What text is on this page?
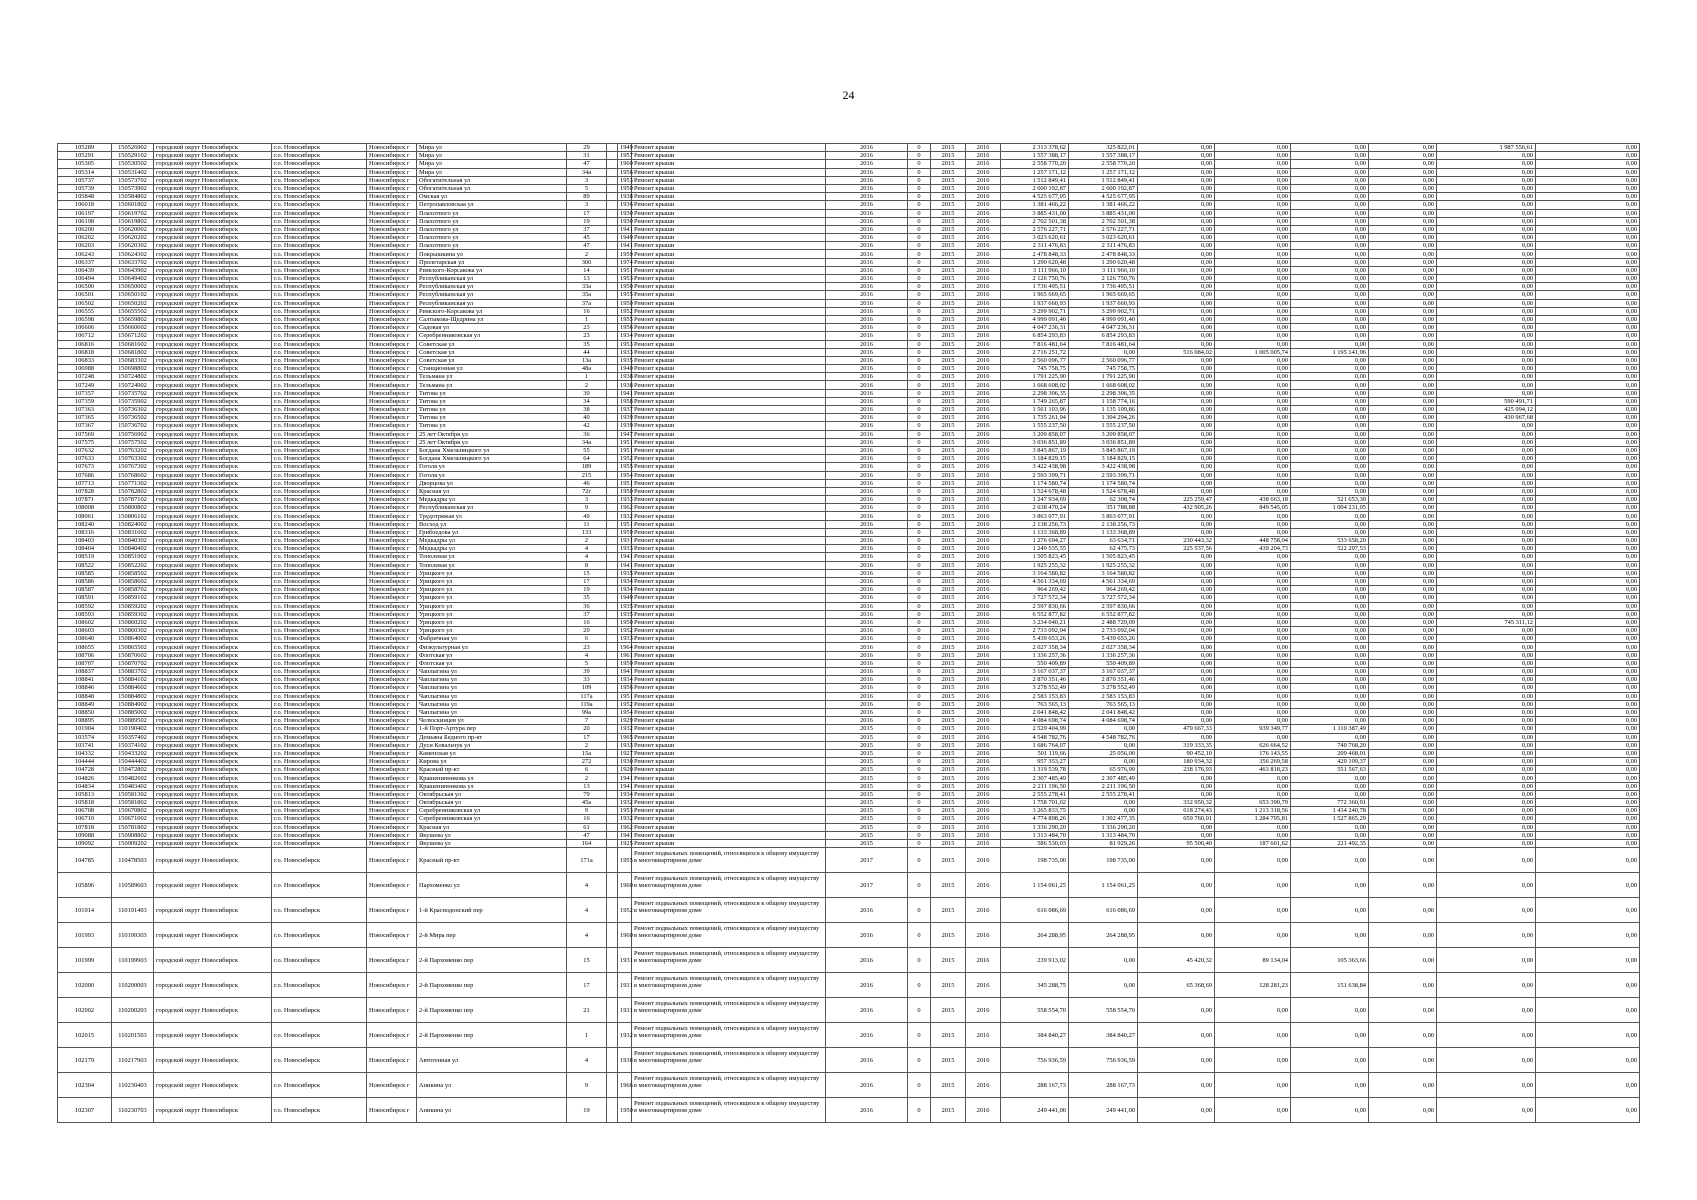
24
105289	150526902	городской округ Новосибирск	г.о. Новосибирск	Новосибирск г	Мира ул	29		1949	Ремонт крыши	2016	0	2015	2016	2 313 378,62	325 822,01	0,00	0,00	0,00	0,00	1 987 556,61	0,00
105291	150529102	городской округ Новосибирск	г.о. Новосибирск	Новосибирск г	Мира ул	31		1957	Ремонт крыши	2016	0	2015	2016	1 557 388,17	1 557 388,17	0,00	0,00	0,00	0,00	0,00	0,00
105305	150530502	городской округ Новосибирск	г.о. Новосибирск	Новосибирск г	Мира ул	47		1960	Ремонт крыши	2016	0	2015	2016	2 558 770,20	2 558 770,20	0,00	0,00	0,00	0,00	0,00	0,00
105314	150531402	городской округ Новосибирск	г.о. Новосибирск	Новосибирск г	Мира ул	34а		1956	Ремонт крыши	2016	0	2015	2016	1 257 171,12	1 257 171,12	0,00	0,00	0,00	0,00	0,00	0,00
105737	150573702	городской округ Новосибирск	г.о. Новосибирск	Новосибирск г	Обогатительная ул	3		1953	Ремонт крыши	2016	0	2015	2016	1 512 849,41	1 512 849,41	0,00	0,00	0,00	0,00	0,00	0,00
105739	150573902	городской округ Новосибирск	г.о. Новосибирск	Новосибирск г	Обогатительная ул	5		1950	Ремонт крыши	2016	0	2015	2016	2 600 192,87	2 600 192,87	0,00	0,00	0,00	0,00	0,00	0,00
105848	150584802	городской округ Новосибирск	г.о. Новосибирск	Новосибирск г	Омская ул	89		1938	Ремонт крыши	2016	0	2015	2016	4 525 677,95	4 525 677,95	0,00	0,00	0,00	0,00	0,00	0,00
106018	150601802	городской округ Новосибирск	г.о. Новосибирск	Новосибирск г	Петропавловская ул	3		1936	Ремонт крыши	2016	0	2015	2016	1 381 466,22	1 381 466,22	0,00	0,00	0,00	0,00	0,00	0,00
106197	150619702	городской округ Новосибирск	г.о. Новосибирск	Новосибирск г	Плахотного ул	17		1930	Ремонт крыши	2016	0	2015	2016	3 885 431,00	3 885 431,00	0,00	0,00	0,00	0,00	0,00	0,00
106198	150619802	городской округ Новосибирск	г.о. Новосибирск	Новосибирск г	Плахотного ул	19		1930	Ремонт крыши	2016	0	2015	2016	2 702 501,38	2 702 501,38	0,00	0,00	0,00	0,00	0,00	0,00
106200	150620002	городской округ Новосибирск	г.о. Новосибирск	Новосибирск г	Плахотного ул	37		1941	Ремонт крыши	2016	0	2015	2016	2 576 227,71	2 576 227,71	0,00	0,00	0,00	0,00	0,00	0,00
106202	150620202	городской округ Новосибирск	г.о. Новосибирск	Новосибирск г	Плахотного ул	45		1940	Ремонт крыши	2016	0	2015	2016	3 023 620,61	3 023 620,61	0,00	0,00	0,00	0,00	0,00	0,00
106203	150620302	городской округ Новосибирск	г.о. Новосибирск	Новосибирск г	Плахотного ул	47		1941	Ремонт крыши	2016	0	2015	2016	2 311 476,83	2 311 476,83	0,00	0,00	0,00	0,00	0,00	0,00
106243	150624302	городской округ Новосибирск	г.о. Новосибирск	Новосибирск г	Покрышкина ул	2		1959	Ремонт крыши	2016	0	2015	2016	2 478 848,33	2 478 848,33	0,00	0,00	0,00	0,00	0,00	0,00
106337	150633702	городской округ Новосибирск	г.о. Новосибирск	Новосибирск г	Пролетарская ул	306		1974	Ремонт крыши	2016	0	2015	2016	1 290 620,48	1 290 620,48	0,00	0,00	0,00	0,00	0,00	0,00
106439	150643902	городской округ Новосибирск	г.о. Новосибирск	Новосибирск г	Римского-Корсакова ул	14		1951	Ремонт крыши	2016	0	2015	2016	3 111 966,10	3 111 966,10	0,00	0,00	0,00	0,00	0,00	0,00
106494	150649402	городской округ Новосибирск	г.о. Новосибирск	Новосибирск г	Республиканская ул	13		1953	Ремонт крыши	2016	0	2015	2016	2 126 750,76	2 126 750,76	0,00	0,00	0,00	0,00	0,00	0,00
106500	150650002	городской округ Новосибирск	г.о. Новосибирск	Новосибирск г	Республиканская ул	33а		1950	Ремонт крыши	2016	0	2015	2016	1 736 495,51	1 736 495,51	0,00	0,00	0,00	0,00	0,00	0,00
106501	150650102	городской округ Новосибирск	г.о. Новосибирск	Новосибирск г	Республиканская ул	35а		1955	Ремонт крыши	2016	0	2015	2016	1 965 669,65	1 965 669,65	0,00	0,00	0,00	0,00	0,00	0,00
106502	150650202	городской округ Новосибирск	г.о. Новосибирск	Новосибирск г	Республиканская ул	37а		1950	Ремонт крыши	2016	0	2015	2016	1 937 660,93	1 937 660,93	0,00	0,00	0,00	0,00	0,00	0,00
106555	150655502	городской округ Новосибирск	г.о. Новосибирск	Новосибирск г	Римского-Корсакова ул	16		1952	Ремонт крыши	2016	0	2015	2016	3 299 902,71	3 299 902,71	0,00	0,00	0,00	0,00	0,00	0,00
106598	150659802	городской округ Новосибирск	г.о. Новосибирск	Новосибирск г	Салтыкова-Щедрина ул	1		1955	Ремонт крыши	2016	0	2015	2016	4 999 091,40	4 999 091,40	0,00	0,00	0,00	0,00	0,00	0,00
106606	150660602	городской округ Новосибирск	г.о. Новосибирск	Новосибирск г	Садовая ул	23		1956	Ремонт крыши	2016	0	2015	2016	4 047 236,31	4 047 236,31	0,00	0,00	0,00	0,00	0,00	0,00
106712	150671202	городской округ Новосибирск	г.о. Новосибирск	Новосибирск г	Серебренниковская ул	23		1934	Ремонт крыши	2016	0	2015	2016	6 854 293,83	6 854 293,83	0,00	0,00	0,00	0,00	0,00	0,00
106816	150681602	городской округ Новосибирск	г.о. Новосибирск	Новосибирск г	Советская ул	35		1953	Ремонт крыши	2016	0	2015	2016	7 816 481,64	7 816 481,64	0,00	0,00	0,00	0,00	0,00	0,00
106818	150681802	городской округ Новосибирск	г.о. Новосибирск	Новосибирск г	Советская ул	44		1933	Ремонт крыши	2016	0	2015	2016	2 716 251,72	0,00	516 084,02	1 005 005,74	1 195 141,96	0,00	0,00	0,00
106833	150683302	городской округ Новосибирск	г.о. Новосибирск	Новосибирск г	Советская ул	13а		1935	Ремонт крыши	2016	0	2015	2016	2 560 096,77	2 560 096,77	0,00	0,00	0,00	0,00	0,00	0,00
106988	150698802	городской округ Новосибирск	г.о. Новосибирск	Новосибирск г	Станционная ул	48а		1940	Ремонт крыши	2016	0	2015	2016	745 758,75	745 758,75	0,00	0,00	0,00	0,00	0,00	0,00
107248	150724802	городской округ Новосибирск	г.о. Новосибирск	Новосибирск г	Тельмана ул	1		1938	Ремонт крыши	2016	0	2015	2016	1 791 225,90	1 791 225,90	0,00	0,00	0,00	0,00	0,00	0,00
107249	150724902	городской округ Новосибирск	г.о. Новосибирск	Новосибирск г	Тельмана ул	2		1938	Ремонт крыши	2016	0	2015	2016	1 668 608,02	1 668 608,02	0,00	0,00	0,00	0,00	0,00	0,00
107357	150735702	городской округ Новосибирск	г.о. Новосибирск	Новосибирск г	Титова ул	30		1941	Ремонт крыши	2016	0	2015	2016	2 298 306,35	2 298 306,35	0,00	0,00	0,00	0,00	0,00	0,00
107359	150735902	городской округ Новосибирск	г.о. Новосибирск	Новосибирск г	Титова ул	34		1958	Ремонт крыши	2016	0	2015	2016	1 749 265,87	1 158 774,16	0,00	0,00	0,00	0,00	590 491,71	0,00
107363	150736302	городской округ Новосибирск	г.о. Новосибирск	Новосибирск г	Титова ул	38		1937	Ремонт крыши	2016	0	2015	2016	1 561 103,96	1 135 109,86	0,00	0,00	0,00	0,00	425 994,12	0,00
107365	150736502	городской округ Новосибирск	г.о. Новосибирск	Новосибирск г	Титова ул	40		1939	Ремонт крыши	2016	0	2015	2016	1 735 261,94	1 304 294,26	0,00	0,00	0,00	0,00	430 967,68	0,00
107367	150736702	городской округ Новосибирск	г.о. Новосибирск	Новосибирск г	Титова ул	42		1939	Ремонт крыши	2016	0	2015	2016	1 555 237,50	1 555 237,50	0,00	0,00	0,00	0,00	0,00	0,00
107569	150756902	городской округ Новосибирск	г.о. Новосибирск	Новосибирск г	25 лет Октября ул	36		1947	Ремонт крыши	2016	0	2015	2016	3 209 858,07	3 209 858,07	0,00	0,00	0,00	0,00	0,00	0,00
107575	150757502	городской округ Новосибирск	г.о. Новосибирск	Новосибирск г	25 лет Октября ул	34а		1951	Ремонт крыши	2016	0	2015	2016	3 036 851,89	3 036 851,89	0,00	0,00	0,00	0,00	0,00	0,00
107632	150763202	городской округ Новосибирск	г.о. Новосибирск	Новосибирск г	Богдана Хмельницкого ул	55		1951	Ремонт крыши	2016	0	2015	2016	3 845 867,19	3 845 867,19	0,00	0,00	0,00	0,00	0,00	0,00
107633	150763302	городской округ Новосибирск	г.о. Новосибирск	Новосибирск г	Богдана Хмельницкого ул	64		1952	Ремонт крыши	2016	0	2015	2016	3 184 829,15	3 184 829,15	0,00	0,00	0,00	0,00	0,00	0,00
107673	150767302	городской округ Новосибирск	г.о. Новосибирск	Новосибирск г	Гоголя ул	189		1955	Ремонт крыши	2016	0	2015	2016	3 422 438,98	3 422 438,98	0,00	0,00	0,00	0,00	0,00	0,00
107686	150768602	городской округ Новосибирск	г.о. Новосибирск	Новосибирск г	Гоголя ул	215		1954	Ремонт крыши	2016	0	2015	2016	2 593 399,71	2 593 399,71	0,00	0,00	0,00	0,00	0,00	0,00
107713	150771302	городской округ Новосибирск	г.о. Новосибирск	Новосибирск г	Дворцова ул	46		1951	Ремонт крыши	2016	0	2015	2016	1 174 580,74	1 174 580,74	0,00	0,00	0,00	0,00	0,00	0,00
107828	150782802	городской округ Новосибирск	г.о. Новосибирск	Новосибирск г	Красная ул	72г		1950	Ремонт крыши	2016	0	2015	2016	1 524 678,48	1 524 678,48	0,00	0,00	0,00	0,00	0,00	0,00
107871	150787102	городской округ Новосибирск	г.о. Новосибирск	Новосибирск г	Медкадры ул	3		1933	Ремонт крыши	2016	0	2015	2016	1 247 934,69	62 308,74	225 259,47	438 663,18	521 653,30	0,00	0,00	0,00
108008	150800802	городской округ Новосибирск	г.о. Новосибирск	Новосибирск г	Республиканская ул	9		1962	Ремонт крыши	2016	0	2015	2016	2 638 470,24	351 788,88	432 905,26	849 545,05	1 004 231,05	0,00	0,00	0,00
108061	150806102	городской округ Новосибирск	г.о. Новосибирск	Новосибирск г	Трудотряжая ул	49		1932	Ремонт крыши	2016	0	2015	2016	3 863 077,91	3 863 077,91	0,00	0,00	0,00	0,00	0,00	0,00
108240	150824002	городской округ Новосибирск	г.о. Новосибирск	Новосибирск г	Восход ул	11		1951	Ремонт крыши	2016	0	2015	2016	2 138 256,73	2 138 256,73	0,00	0,00	0,00	0,00	0,00	0,00
108316	150831602	городской округ Новосибирск	г.о. Новосибирск	Новосибирск г	Грибоедова ул	133		1959	Ремонт крыши	2016	0	2015	2016	1 133 368,89	1 133 368,89	0,00	0,00	0,00	0,00	0,00	0,00
108403	150840302	городской округ Новосибирск	г.о. Новосибирск	Новосибирск г	Медкадры ул	2		1931	Ремонт крыши	2016	0	2015	2016	1 276 694,27	63 634,71	230 443,32	448 758,04	533 658,20	0,00	0,00	0,00
108404	150840402	городской округ Новосибирск	г.о. Новосибирск	Новосибирск г	Медкадры ул	4		1933	Ремонт крыши	2016	0	2015	2016	1 249 535,55	62 475,73	225 537,56	439 204,73	522 297,53	0,00	0,00	0,00
108519	150851902	городской округ Новосибирск	г.о. Новосибирск	Новосибирск г	Тополевая ул	4		1941	Ремонт крыши	2016	0	2015	2016	1 505 823,45	1 505 823,45	0,00	0,00	0,00	0,00	0,00	0,00
108522	150852202	городской округ Новосибирск	г.о. Новосибирск	Новосибирск г	Тополевая ул	8		1941	Ремонт крыши	2016	0	2015	2016	1 925 255,32	1 925 255,32	0,00	0,00	0,00	0,00	0,00	0,00
108585	150858502	городской округ Новосибирск	г.о. Новосибирск	Новосибирск г	Урицкого ул	15		1935	Ремонт крыши	2016	0	2015	2016	3 164 580,82	3 164 580,82	0,00	0,00	0,00	0,00	0,00	0,00
108586	150858602	городской округ Новосибирск	г.о. Новосибирск	Новосибирск г	Урицкого ул	17		1934	Ремонт крыши	2016	0	2015	2016	4 561 334,69	4 561 334,69	0,00	0,00	0,00	0,00	0,00	0,00
108587	150858702	городской округ Новосибирск	г.о. Новосибирск	Новосибирск г	Урицкого ул	19		1934	Ремонт крыши	2016	0	2015	2016	964 269,42	964 269,42	0,00	0,00	0,00	0,00	0,00	0,00
108591	150859102	городской округ Новосибирск	г.о. Новосибирск	Новосибирск г	Урицкого ул	35		1940	Ремонт крыши	2016	0	2015	2016	3 727 572,34	3 727 572,34	0,00	0,00	0,00	0,00	0,00	0,00
108592	150859202	городской округ Новосибирск	г.о. Новосибирск	Новосибирск г	Урицкого ул	36		1935	Ремонт крыши	2016	0	2015	2016	2 597 830,66	2 597 830,66	0,00	0,00	0,00	0,00	0,00	0,00
108593	150859302	городской округ Новосибирск	г.о. Новосибирск	Новосибирск г	Урицкого ул	37		1935	Ремонт крыши	2016	0	2015	2016	6 552 877,82	6 552 877,82	0,00	0,00	0,00	0,00	0,00	0,00
108602	150860202	городской округ Новосибирск	г.о. Новосибирск	Новосибирск г	Урицкого ул	16		1950	Ремонт крыши	2016	0	2015	2016	3 234 040,21	2 488 729,09	0,00	0,00	0,00	0,00	745 311,12	0,00
108603	150860302	городской округ Новосибирск	г.о. Новосибирск	Новосибирск г	Урицкого ул	20		1952	Ремонт крыши	2016	0	2015	2016	2 733 092,04	2 733 092,04	0,00	0,00	0,00	0,00	0,00	0,00
108640	150864002	городской округ Новосибирск	г.о. Новосибирск	Новосибирск г	Фабричная ул	6		1933	Ремонт крыши	2016	0	2015	2016	5 439 653,26	5 439 653,26	0,00	0,00	0,00	0,00	0,00	0,00
108655	150865502	городской округ Новосибирск	г.о. Новосибирск	Новосибирск г	Физкультурная ул	23		1964	Ремонт крыши	2016	0	2015	2016	2 027 358,34	2 027 358,34	0,00	0,00	0,00	0,00	0,00	0,00
108706	150870602	городской округ Новосибирск	г.о. Новосибирск	Новосибирск г	Флотская ул	4		1961	Ремонт крыши	2016	0	2015	2016	1 336 257,36	1 336 257,36	0,00	0,00	0,00	0,00	0,00	0,00
108707	150870702	городской округ Новосибирск	г.о. Новосибирск	Новосибирск г	Флотская ул	5		1950	Ремонт крыши	2016	0	2015	2016	550 409,89	550 409,89	0,00	0,00	0,00	0,00	0,00	0,00
108837	150883702	городской округ Новосибирск	г.о. Новосибирск	Новосибирск г	Чаплыгина ул	39		1941	Ремонт крыши	2016	0	2015	2016	3 167 037,37	3 167 037,37	0,00	0,00	0,00	0,00	0,00	0,00
108841	150884102	городской округ Новосибирск	г.о. Новосибирск	Новосибирск г	Чаплыгина ул	33		1934	Ремонт крыши	2016	0	2015	2016	2 870 351,46	2 870 351,46	0,00	0,00	0,00	0,00	0,00	0,00
108846	150884602	городской округ Новосибирск	г.о. Новосибирск	Новосибирск г	Чаплыгина ул	109		1956	Ремонт крыши	2016	0	2015	2016	3 278 552,49	3 278 552,49	0,00	0,00	0,00	0,00	0,00	0,00
108848	150884802	городской округ Новосибирск	г.о. Новосибирск	Новосибирск г	Чаплыгина ул	117а		1951	Ремонт крыши	2016	0	2015	2016	2 583 153,83	2 583 153,83	0,00	0,00	0,00	0,00	0,00	0,00
108849	150884902	городской округ Новосибирск	г.о. Новосибирск	Новосибирск г	Чаплыгина ул	119а		1952	Ремонт крыши	2016	0	2015	2016	763 565,13	763 565,13	0,00	0,00	0,00	0,00	0,00	0,00
108850	150885002	городской округ Новосибирск	г.о. Новосибирск	Новосибирск г	Чаплыгина ул	99а		1954	Ремонт крыши	2016	0	2015	2016	2 041 848,42	2 041 848,42	0,00	0,00	0,00	0,00	0,00	0,00
108895	150889502	городской округ Новосибирск	г.о. Новосибирск	Новосибирск г	Челюскинцев ул	7		1929	Ремонт крыши	2016	0	2015	2016	4 084 698,74	4 084 698,74	0,00	0,00	0,00	0,00	0,00	0,00
101904	110190402	городской округ Новосибирск	г.о. Новосибирск	Новосибирск г	1-й Порт-Артура пер	20		1932	Ремонт крыши	2015	0	2015	2016	2 529 404,99	0,00	479 667,33	939 349,77	1 110 387,49	0,00	0,00	0,00
103574	150357402	городской округ Новосибирск	г.о. Новосибирск	Новосибирск г	Демьяна Бедного пр-кт	17		1965	Ремонт крыши	2015	0	2015	2016	4 548 782,76	4 548 782,76	0,00	0,00	0,00	0,00	0,00	0,00
103741	150374102	городской округ Новосибирск	г.о. Новосибирск	Новосибирск г	Дуси Ковальчук ул	2		1933	Ремонт крыши	2015	0	2015	2016	1 686 764,07	0,00	319 333,35	626 664,52	740 768,20	0,00	0,00	0,00
104332	150433202	городской округ Новосибирск	г.о. Новосибирск	Новосибирск г	Каменская ул	15а		1927	Ремонт крыши	2015	0	2015	2016	501 119,66	25 056,00	90 452,10	176 143,55	209 468,01	0,00	0,00	0,00
104444	150444402	городской округ Новосибирск	г.о. Новосибирск	Новосибирск г	Кирова ул	272		1930	Ремонт крыши	2015	0	2015	2016	957 353,27	0,00	180 934,32	356 269,58	420 109,37	0,00	0,00	0,00
104728	150472802	городской округ Новосибирск	г.о. Новосибирск	Новосибирск г	Красный пр-кт	6		1920	Ремонт крыши	2015	0	2015	2016	1 319 539,78	65 976,99	238 176,93	463 818,23	551 567,63	0,00	0,00	0,00
104826	150482602	городской округ Новосибирск	г.о. Новосибирск	Новосибирск г	Крашенинникова ул	2		1941	Ремонт крыши	2015	0	2015	2016	2 307 485,49	2 307 485,49	0,00	0,00	0,00	0,00	0,00	0,00
104834	150483402	городской округ Новосибирск	г.о. Новосибирск	Новосибирск г	Крашенинникова ул	13		1941	Ремонт крыши	2015	0	2015	2016	2 211 196,50	2 211 196,50	0,00	0,00	0,00	0,00	0,00	0,00
105813	150581302	городской округ Новосибирск	г.о. Новосибирск	Новосибирск г	Октябрьская ул	79		1934	Ремонт крыши	2015	0	2015	2016	2 555 278,41	2 555 278,41	0,00	0,00	0,00	0,00	0,00	0,00
105818	150581802	городской округ Новосибирск	г.о. Новосибирск	Новосибирск г	Октябрьская ул	45а		1932	Ремонт крыши	2015	0	2015	2016	1 758 701,02	0,00	332 950,32	653 390,79	772 360,91	0,00	0,00	0,00
106708	150670802	городской округ Новосибирск	г.о. Новосибирск	Новосибирск г	Серебренниковская ул	9		1953	Ремонт крыши	2015	0	2015	2016	3 265 833,75	0,00	618 274,43	1 213 318,56	1 434 240,78	0,00	0,00	0,00
106710	150671002	городской округ Новосибирск	г.о. Новосибирск	Новосибирск г	Серебренниковская ул	16		1932	Ремонт крыши	2015	0	2015	2016	4 774 898,26	1 302 477,35	659 760,01	1 284 795,81	1 527 865,29	0,00	0,00	0,00
107818	150781802	городской округ Новосибирск	г.о. Новосибирск	Новосибирск г	Красная ул	61		1962	Ремонт крыши	2015	0	2015	2016	1 336 290,20	1 336 290,20	0,00	0,00	0,00	0,00	0,00	0,00
109088	150908802	городской округ Новосибирск	г.о. Новосибирск	Новосибирск г	Якушева ул	47		1941	Ремонт крыши	2015	0	2015	2016	1 313 484,70	1 313 484,70	0,00	0,00	0,00	0,00	0,00	0,00
109092	150909202	городской округ Новосибирск	г.о. Новосибирск	Новосибирск г	Якушева ул	164		1925	Ремонт крыши	2015	0	2015	2016	586 530,03	81 929,26	95 506,40	187 601,62	221 492,35	0,00	0,00	0,00
104785	110478503	городской округ Новосибирск	г.о. Новосибирск	Новосибирск г	Красный пр-кт	171а		1955	Ремонт подвальных помещений, относящихся к общему имуществу в многоквартирном доме	2017	0	2015	2016	198 735,00	198 735,00	0,00	0,00	0,00	0,00	0,00	0,00
105896	110589603	городской округ Новосибирск	г.о. Новосибирск	Новосибирск г	Пархоменко ул	4		1960	Ремонт подвальных помещений, относящихся к общему имуществу в многоквартирном доме	2017	0	2015	2016	1 154 061,25	1 154 061,25	0,00	0,00	0,00	0,00	0,00	0,00
101914	110191403	городской округ Новосибирск	г.о. Новосибирск	Новосибирск г	1-й Краснодонский пер	4		1952	Ремонт подвальных помещений, относящихся к общему имуществу в многоквартирном доме	2016	0	2015	2016	616 086,69	616 086,69	0,00	0,00	0,00	0,00	0,00	0,00
101993	110199303	городской округ Новосибирск	г.о. Новосибирск	Новосибирск г	2-й Мира пер	4		1960	Ремонт подвальных помещений, относящихся к общему имуществу в многоквартирном доме	2016	0	2015	2016	264 288,95	264 288,95	0,00	0,00	0,00	0,00	0,00	0,00
101999	110199903	городской округ Новосибирск	г.о. Новосибирск	Новосибирск г	2-й Пархоменко пер	15		1931	Ремонт подвальных помещений, относящихся к общему имуществу в многоквартирном доме	2016	0	2015	2016	239 913,02	0,00	45 420,32	89 134,04	105 363,66	0,00	0,00	0,00
102000	110200003	городской округ Новосибирск	г.о. Новосибирск	Новосибирск г	2-й Пархоменко пер	17		1931	Ремонт подвальных помещений, относящихся к общему имуществу в многоквартирном доме	2016	0	2015	2016	345 288,75	0,00	65 368,69	128 281,23	151 638,84	0,00	0,00	0,00
102002	110200203	городской округ Новосибирск	г.о. Новосибирск	Новосибирск г	2-й Пархоменко пер	21		1931	Ремонт подвальных помещений, относящихся к общему имуществу в многоквартирном доме	2016	0	2015	2016	558 554,70	558 554,70	0,00	0,00	0,00	0,00	0,00	0,00
102015	110201503	городской округ Новосибирск	г.о. Новосибирск	Новосибирск г	2-й Пархоменко пер	1		1932	Ремонт подвальных помещений, относящихся к общему имуществу в многоквартирном доме	2016	0	2015	2016	384 840,27	384 840,27	0,00	0,00	0,00	0,00	0,00	0,00
102179	110217903	городской округ Новосибирск	г.о. Новосибирск	Новосибирск г	Автогенная ул	4		1938	Ремонт подвальных помещений, относящихся к общему имуществу в многоквартирном доме	2016	0	2015	2016	756 936,59	756 936,59	0,00	0,00	0,00	0,00	0,00	0,00
102304	110230403	городской округ Новосибирск	г.о. Новосибирск	Новосибирск г	Аникина ул	9		1966	Ремонт подвальных помещений, относящихся к общему имуществу в многоквартирном доме	2016	0	2015	2016	288 167,73	288 167,73	0,00	0,00	0,00	0,00	0,00	0,00
102307	110230703	городской округ Новосибирск	г.о. Новосибирск	Новосибирск г	Аникина ул	19		1950	Ремонт подвальных помещений, относящихся к общему имуществу в многоквартирном доме	2016	0	2015	2016	249 441,00	249 441,00	0,00	0,00	0,00	0,00	0,00	0,00
